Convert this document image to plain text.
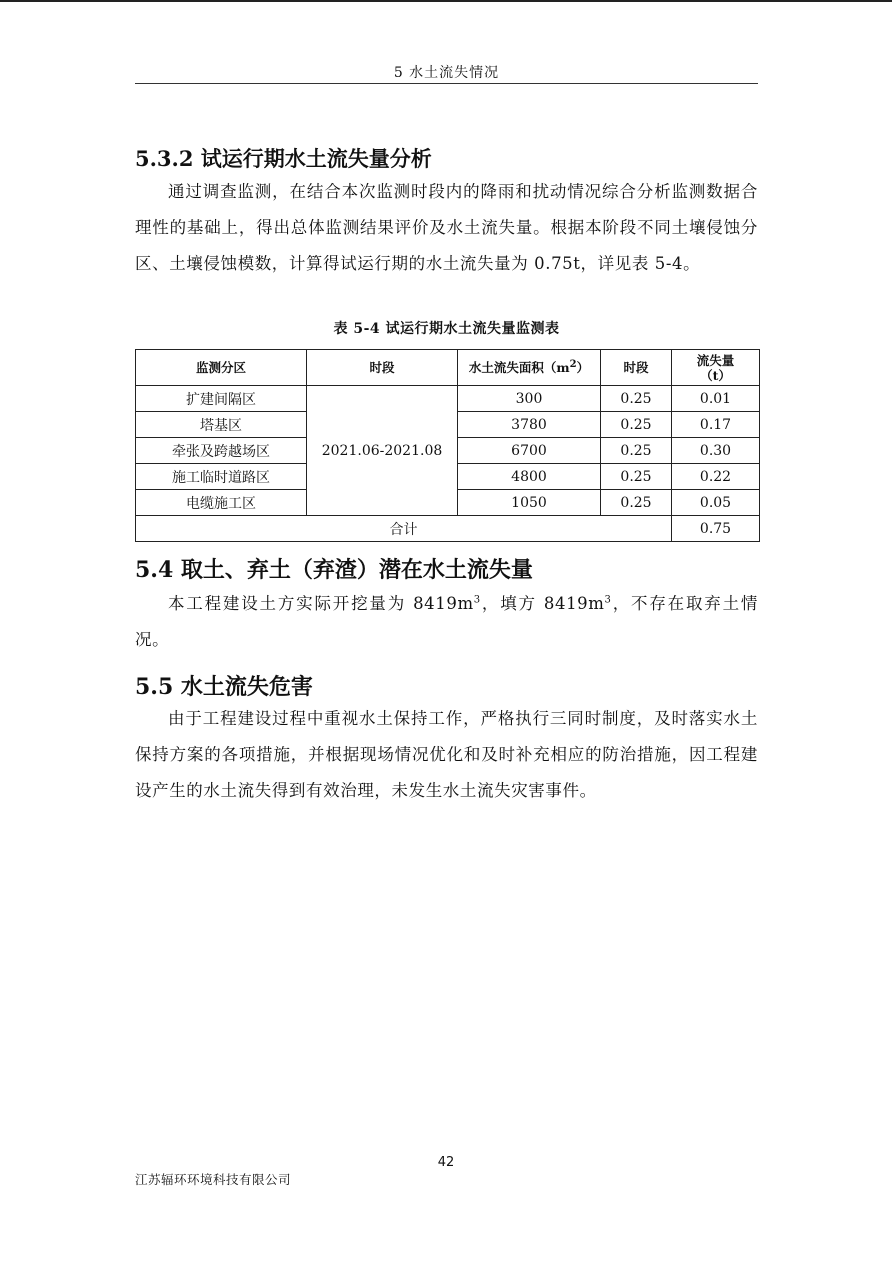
5 水土流失情况
5.3.2 试运行期水土流失量分析

通过调查监测，在结合本次监测时段内的降雨和扰动情况综合分析监测数据合理性的基础上，得出总体监测结果评价及水土流失量。根据本阶段不同土壤侵蚀分区、土壤侵蚀模数，计算得试运行期的水土流失量为 0.75t，详见表 5-4。

表 5-4 试运行期水土流失量监测表
监测分区	时段	水土流失面积$(m^2)$	时段	流失量
（t）
扩建间隔区	2021.06-2021.08	300	0.25	0.01
塔基区		3780	0.25	0.17
牵张及跨越场区		6700	0.25	0.30
施工临时道路区		4800	0.25	0.22
电缆施工区		1050	0.25	0.05
合计				0.75
5.4 取土、弃土（弃渣）潜在水土流失量

本工程建设土方实际开挖量为 $8419m^3$，填方 $8419m^3$，不存在取弃土情况。

5.5 水土流失危害

由于工程建设过程中重视水土保持工作，严格执行三同时制度，及时落实水土保持方案的各项措施，并根据现场情况优化和及时补充相应的防治措施，因工程建设产生的水土流失得到有效治理，未发生水土流失灾害事件。

42
江苏辐环环境科技有限公司
